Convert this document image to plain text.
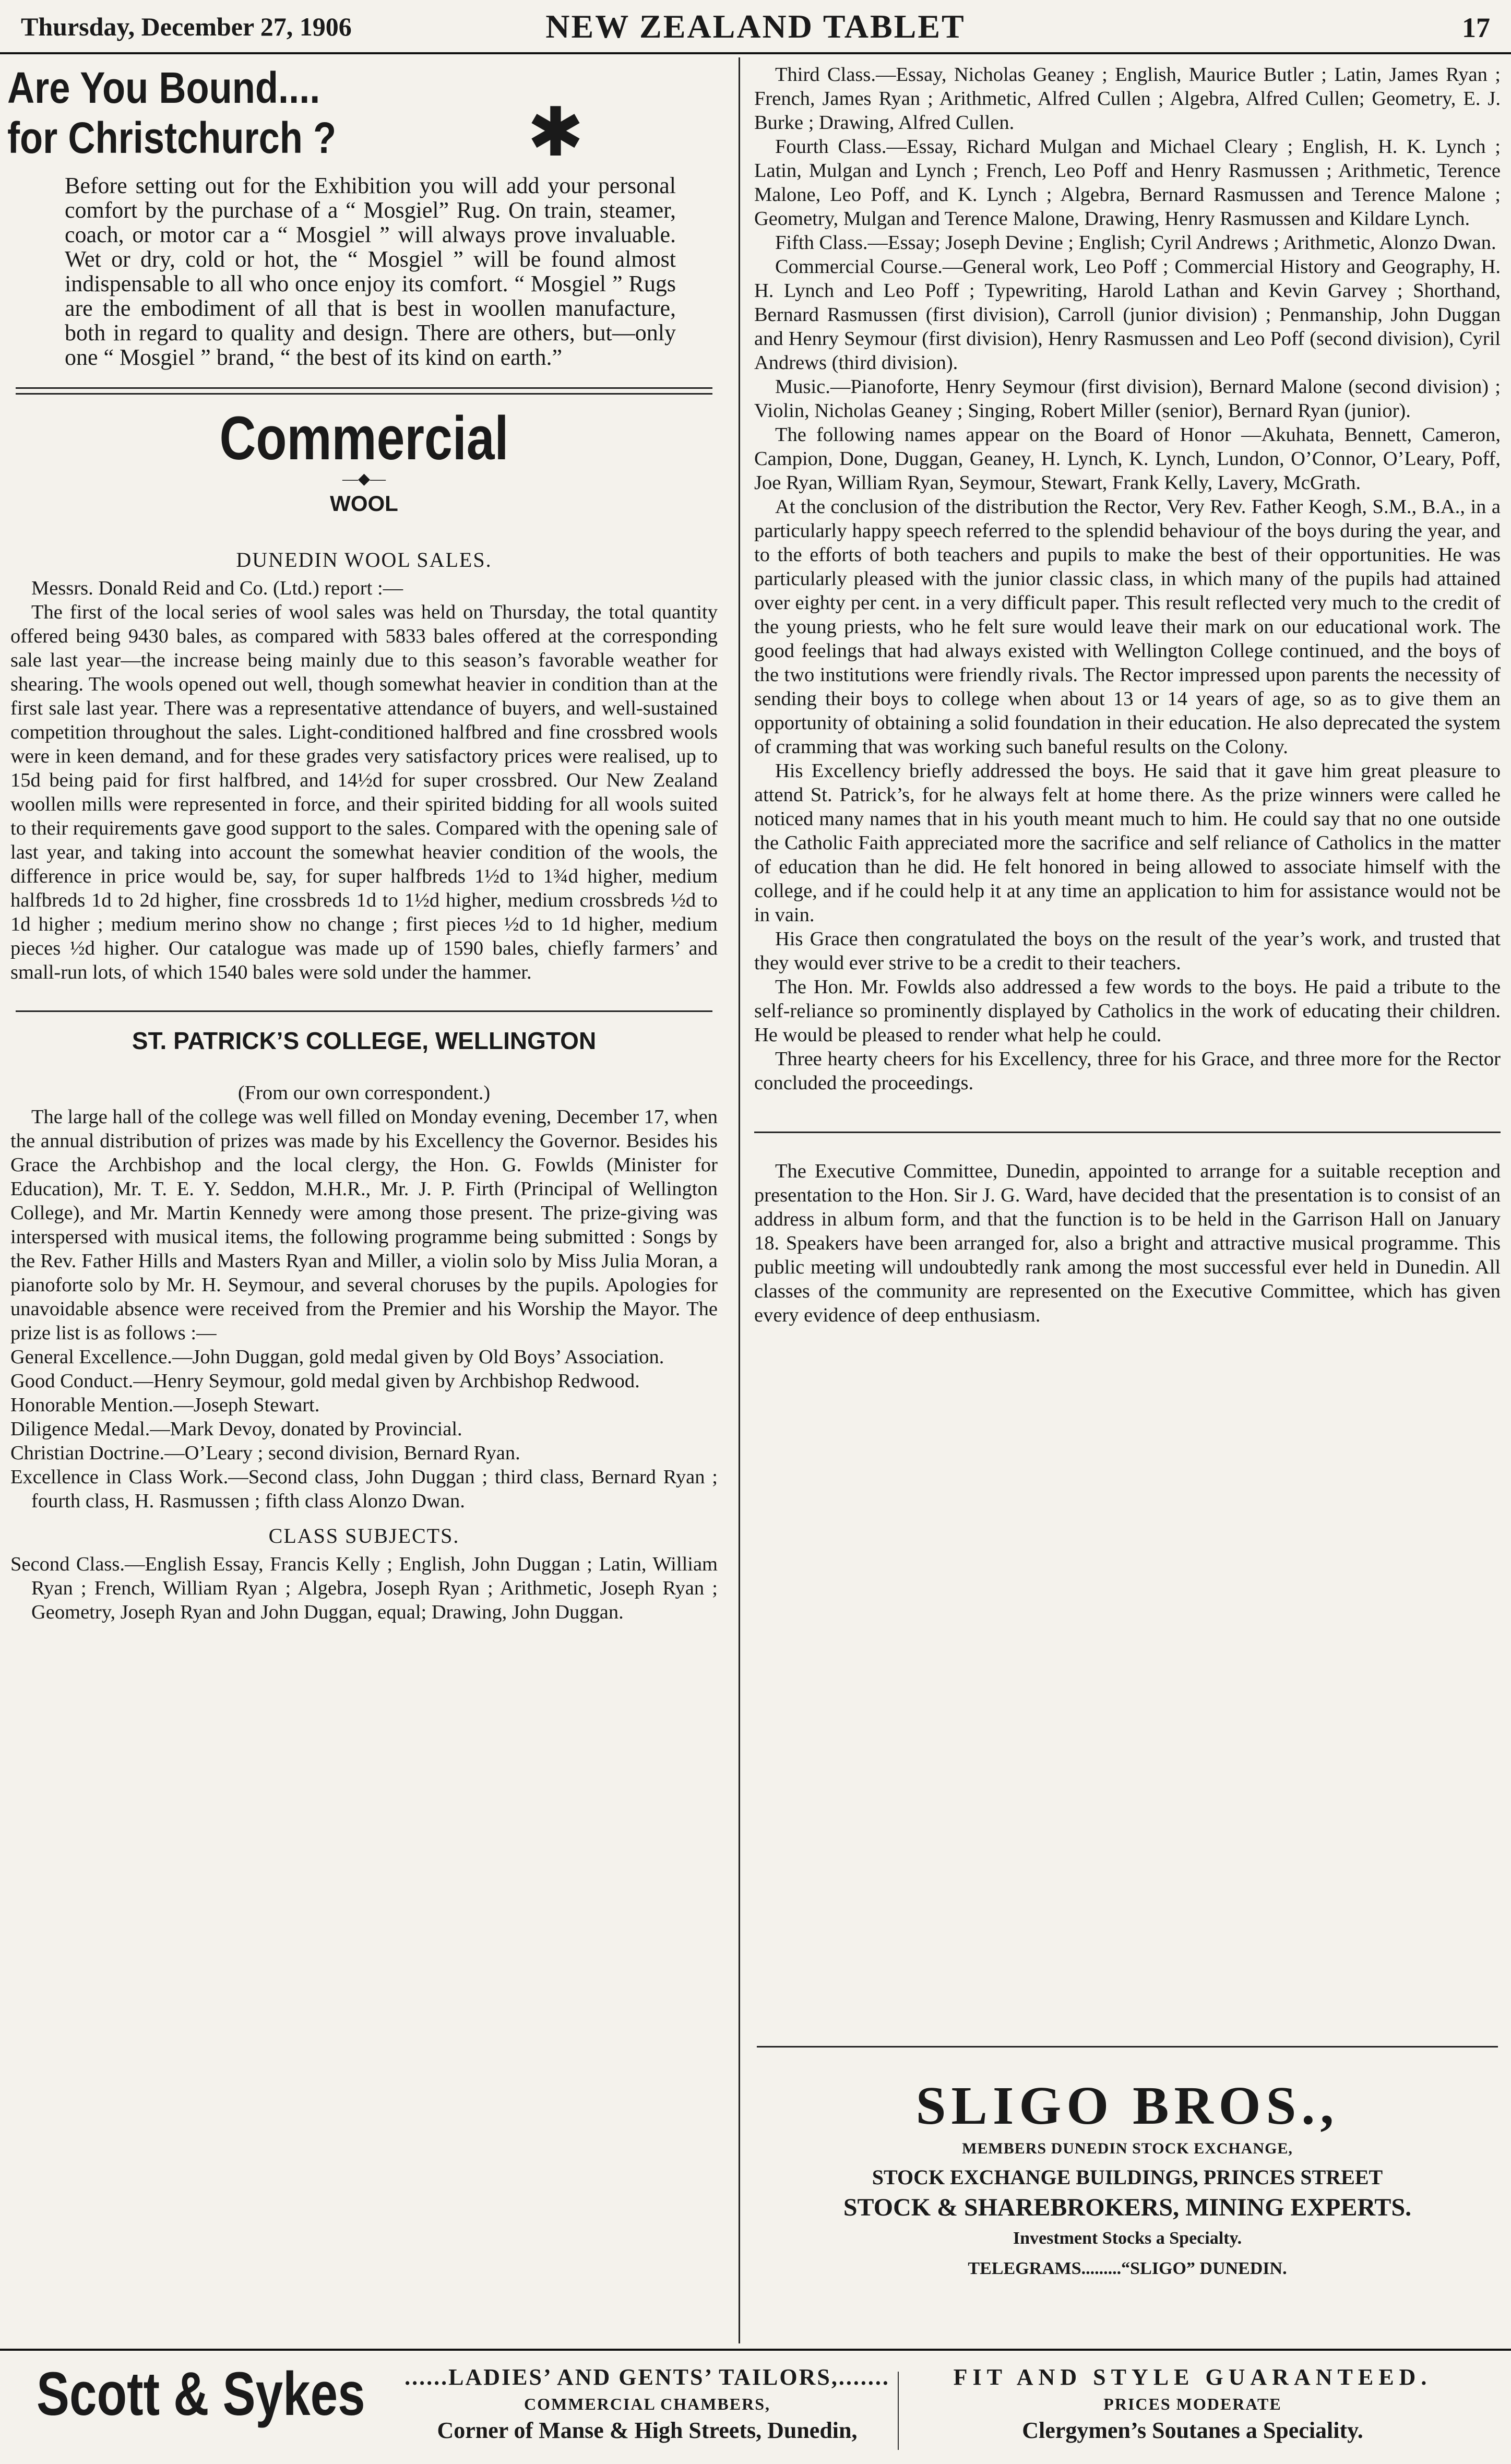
Thursday, December 27, 1906	NEW ZEALAND TABLET	17
Are You Bound....
for Christchurch ?	✱

Before setting out for the Exhibition you will add your personal comfort by the purchase of a “ Mosgiel” Rug. On train, steamer, coach, or motor car a “ Mosgiel ” will always prove invaluable. Wet or dry, cold or hot, the “ Mosgiel ” will be found almost indispensable to all who once enjoy its comfort. “ Mosgiel ” Rugs are the embodiment of all that is best in woollen manufacture, both in regard to quality and design. There are others, but—only one “ Mosgiel ” brand, “ the best of its kind on earth.”

Commercial
—◆—
WOOL
DUNEDIN WOOL SALES.

Messrs. Donald Reid and Co. (Ltd.) report :—

The first of the local series of wool sales was held on Thursday, the total quantity offered being 9430 bales, as compared with 5833 bales offered at the corresponding sale last year—the increase being mainly due to this season’s favorable weather for shearing. The wools opened out well, though somewhat heavier in condition than at the first sale last year. There was a representative attendance of buyers, and well-sustained competition throughout the sales. Light-conditioned halfbred and fine crossbred wools were in keen demand, and for these grades very satisfactory prices were realised, up to 15d being paid for first halfbred, and 14½d for super crossbred. Our New Zealand woollen mills were represented in force, and their spirited bidding for all wools suited to their requirements gave good support to the sales. Compared with the opening sale of last year, and taking into account the somewhat heavier condition of the wools, the difference in price would be, say, for super halfbreds 1½d to 1¾d higher, medium halfbreds 1d to 2d higher, fine crossbreds 1d to 1½d higher, medium crossbreds ½d to 1d higher ; medium merino show no change ; first pieces ½d to 1d higher, medium pieces ½d higher. Our catalogue was made up of 1590 bales, chiefly farmers’ and small-run lots, of which 1540 bales were sold under the hammer.

ST. PATRICK’S COLLEGE, WELLINGTON

(From our own correspondent.)

The large hall of the college was well filled on Monday evening, December 17, when the annual distribution of prizes was made by his Excellency the Governor. Besides his Grace the Archbishop and the local clergy, the Hon. G. Fowlds (Minister for Education), Mr. T. E. Y. Seddon, M.H.R., Mr. J. P. Firth (Principal of Wellington College), and Mr. Martin Kennedy were among those present. The prize-giving was interspersed with musical items, the following programme being submitted : Songs by the Rev. Father Hills and Masters Ryan and Miller, a violin solo by Miss Julia Moran, a pianoforte solo by Mr. H. Seymour, and several choruses by the pupils. Apologies for unavoidable absence were received from the Premier and his Worship the Mayor. The prize list is as follows :—

General Excellence.—John Duggan, gold medal given by Old Boys’ Association.

Good Conduct.—Henry Seymour, gold medal given by Archbishop Redwood.

Honorable Mention.—Joseph Stewart.

Diligence Medal.—Mark Devoy, donated by Provincial.

Christian Doctrine.—O’Leary ; second division, Bernard Ryan.

Excellence in Class Work.—Second class, John Duggan ; third class, Bernard Ryan ; fourth class, H. Rasmussen ; fifth class Alonzo Dwan.

CLASS SUBJECTS.

Second Class.—English Essay, Francis Kelly ; English, John Duggan ; Latin, William Ryan ; French, William Ryan ; Algebra, Joseph Ryan ; Arithmetic, Joseph Ryan ; Geometry, Joseph Ryan and John Duggan, equal; Drawing, John Duggan.

Third Class.—Essay, Nicholas Geaney ; English, Maurice Butler ; Latin, James Ryan ; French, James Ryan ; Arithmetic, Alfred Cullen ; Algebra, Alfred Cullen; Geometry, E. J. Burke ; Drawing, Alfred Cullen.

Fourth Class.—Essay, Richard Mulgan and Michael Cleary ; English, H. K. Lynch ; Latin, Mulgan and Lynch ; French, Leo Poff and Henry Rasmussen ; Arithmetic, Terence Malone, Leo Poff, and K. Lynch ; Algebra, Bernard Rasmussen and Terence Malone ; Geometry, Mulgan and Terence Malone, Drawing, Henry Rasmussen and Kildare Lynch.

Fifth Class.—Essay; Joseph Devine ; English; Cyril Andrews ; Arithmetic, Alonzo Dwan.

Commercial Course.—General work, Leo Poff ; Commercial History and Geography, H. H. Lynch and Leo Poff ; Typewriting, Harold Lathan and Kevin Garvey ; Shorthand, Bernard Rasmussen (first division), Carroll (junior division) ; Penmanship, John Duggan and Henry Seymour (first division), Henry Rasmussen and Leo Poff (second division), Cyril Andrews (third division).

Music.—Pianoforte, Henry Seymour (first division), Bernard Malone (second division) ; Violin, Nicholas Geaney ; Singing, Robert Miller (senior), Bernard Ryan (junior).

The following names appear on the Board of Honor —Akuhata, Bennett, Cameron, Campion, Done, Duggan, Geaney, H. Lynch, K. Lynch, Lundon, O’Connor, O’Leary, Poff, Joe Ryan, William Ryan, Seymour, Stewart, Frank Kelly, Lavery, McGrath.

At the conclusion of the distribution the Rector, Very Rev. Father Keogh, S.M., B.A., in a particularly happy speech referred to the splendid behaviour of the boys during the year, and to the efforts of both teachers and pupils to make the best of their opportunities. He was particularly pleased with the junior classic class, in which many of the pupils had attained over eighty per cent. in a very difficult paper. This result reflected very much to the credit of the young priests, who he felt sure would leave their mark on our educational work. The good feelings that had always existed with Wellington College continued, and the boys of the two institutions were friendly rivals. The Rector impressed upon parents the necessity of sending their boys to college when about 13 or 14 years of age, so as to give them an opportunity of obtaining a solid foundation in their education. He also deprecated the system of cramming that was working such baneful results on the Colony.

His Excellency briefly addressed the boys. He said that it gave him great pleasure to attend St. Patrick’s, for he always felt at home there. As the prize winners were called he noticed many names that in his youth meant much to him. He could say that no one outside the Catholic Faith appreciated more the sacrifice and self reliance of Catholics in the matter of education than he did. He felt honored in being allowed to associate himself with the college, and if he could help it at any time an application to him for assistance would not be in vain.

His Grace then congratulated the boys on the result of the year’s work, and trusted that they would ever strive to be a credit to their teachers.

The Hon. Mr. Fowlds also addressed a few words to the boys. He paid a tribute to the self-reliance so prominently displayed by Catholics in the work of educating their children. He would be pleased to render what help he could.

Three hearty cheers for his Excellency, three for his Grace, and three more for the Rector concluded the proceedings.

The Executive Committee, Dunedin, appointed to arrange for a suitable reception and presentation to the Hon. Sir J. G. Ward, have decided that the presentation is to consist of an address in album form, and that the function is to be held in the Garrison Hall on January 18. Speakers have been arranged for, also a bright and attractive musical programme. This public meeting will undoubtedly rank among the most successful ever held in Dunedin. All classes of the community are represented on the Executive Committee, which has given every evidence of deep enthusiasm.

SLIGO BROS.,
MEMBERS DUNEDIN STOCK EXCHANGE,
STOCK EXCHANGE BUILDINGS, PRINCES STREET
STOCK & SHAREBROKERS, MINING EXPERTS.
Investment Stocks a Specialty.
TELEGRAMS.........“SLIGO” DUNEDIN.
Scott & Sykes	......LADIES’ AND GENTS’ TAILORS,.......
COMMERCIAL CHAMBERS,
Corner of Manse & High Streets, Dunedin,
FIT AND STYLE GUARANTEED.
PRICES MODERATE
Clergymen’s Soutanes a Speciality.
